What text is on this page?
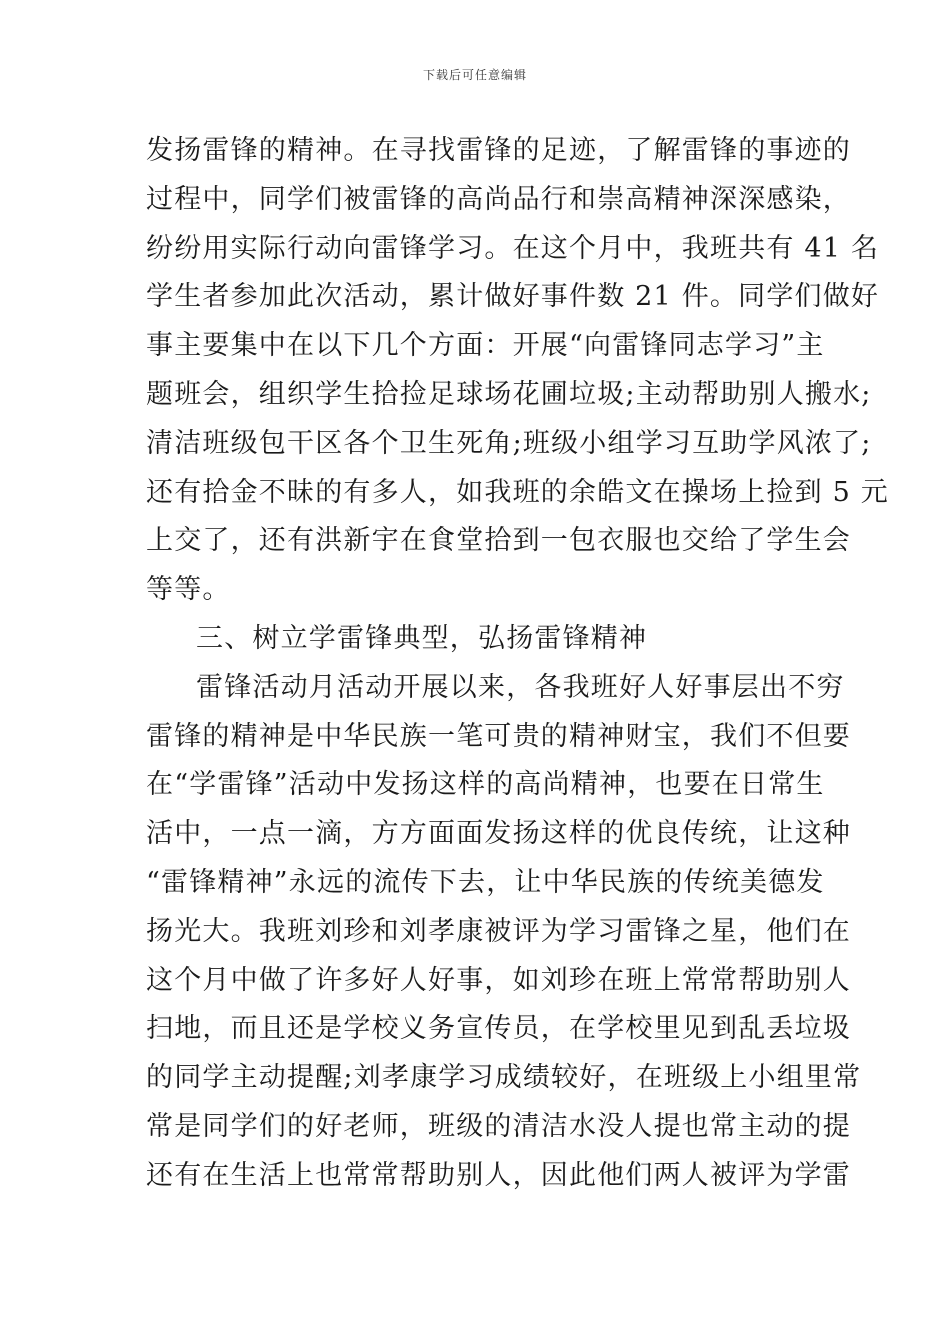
下载后可任意编辑
发扬雷锋的精神。在寻找雷锋的足迹，了解雷锋的事迹的
过程中，同学们被雷锋的高尚品行和崇高精神深深感染，
纷纷用实际行动向雷锋学习。在这个月中，我班共有 41 名
学生者参加此次活动，累计做好事件数 21 件。同学们做好
事主要集中在以下几个方面：开展“向雷锋同志学习”主
题班会，组织学生拾捡足球场花圃垃圾;主动帮助别人搬水;
清洁班级包干区各个卫生死角;班级小组学习互助学风浓了;
还有拾金不昧的有多人，如我班的余皓文在操场上捡到 5 元
上交了，还有洪新宇在食堂拾到一包衣服也交给了学生会
等等。
三、树立学雷锋典型，弘扬雷锋精神
雷锋活动月活动开展以来，各我班好人好事层出不穷
雷锋的精神是中华民族一笔可贵的精神财宝，我们不但要
在“学雷锋”活动中发扬这样的高尚精神，也要在日常生
活中，一点一滴，方方面面发扬这样的优良传统，让这种
“雷锋精神”永远的流传下去，让中华民族的传统美德发
扬光大。我班刘珍和刘孝康被评为学习雷锋之星，他们在
这个月中做了许多好人好事，如刘珍在班上常常帮助别人
扫地，而且还是学校义务宣传员，在学校里见到乱丢垃圾
的同学主动提醒;刘孝康学习成绩较好，在班级上小组里常
常是同学们的好老师，班级的清洁水没人提也常主动的提
还有在生活上也常常帮助别人，因此他们两人被评为学雷
